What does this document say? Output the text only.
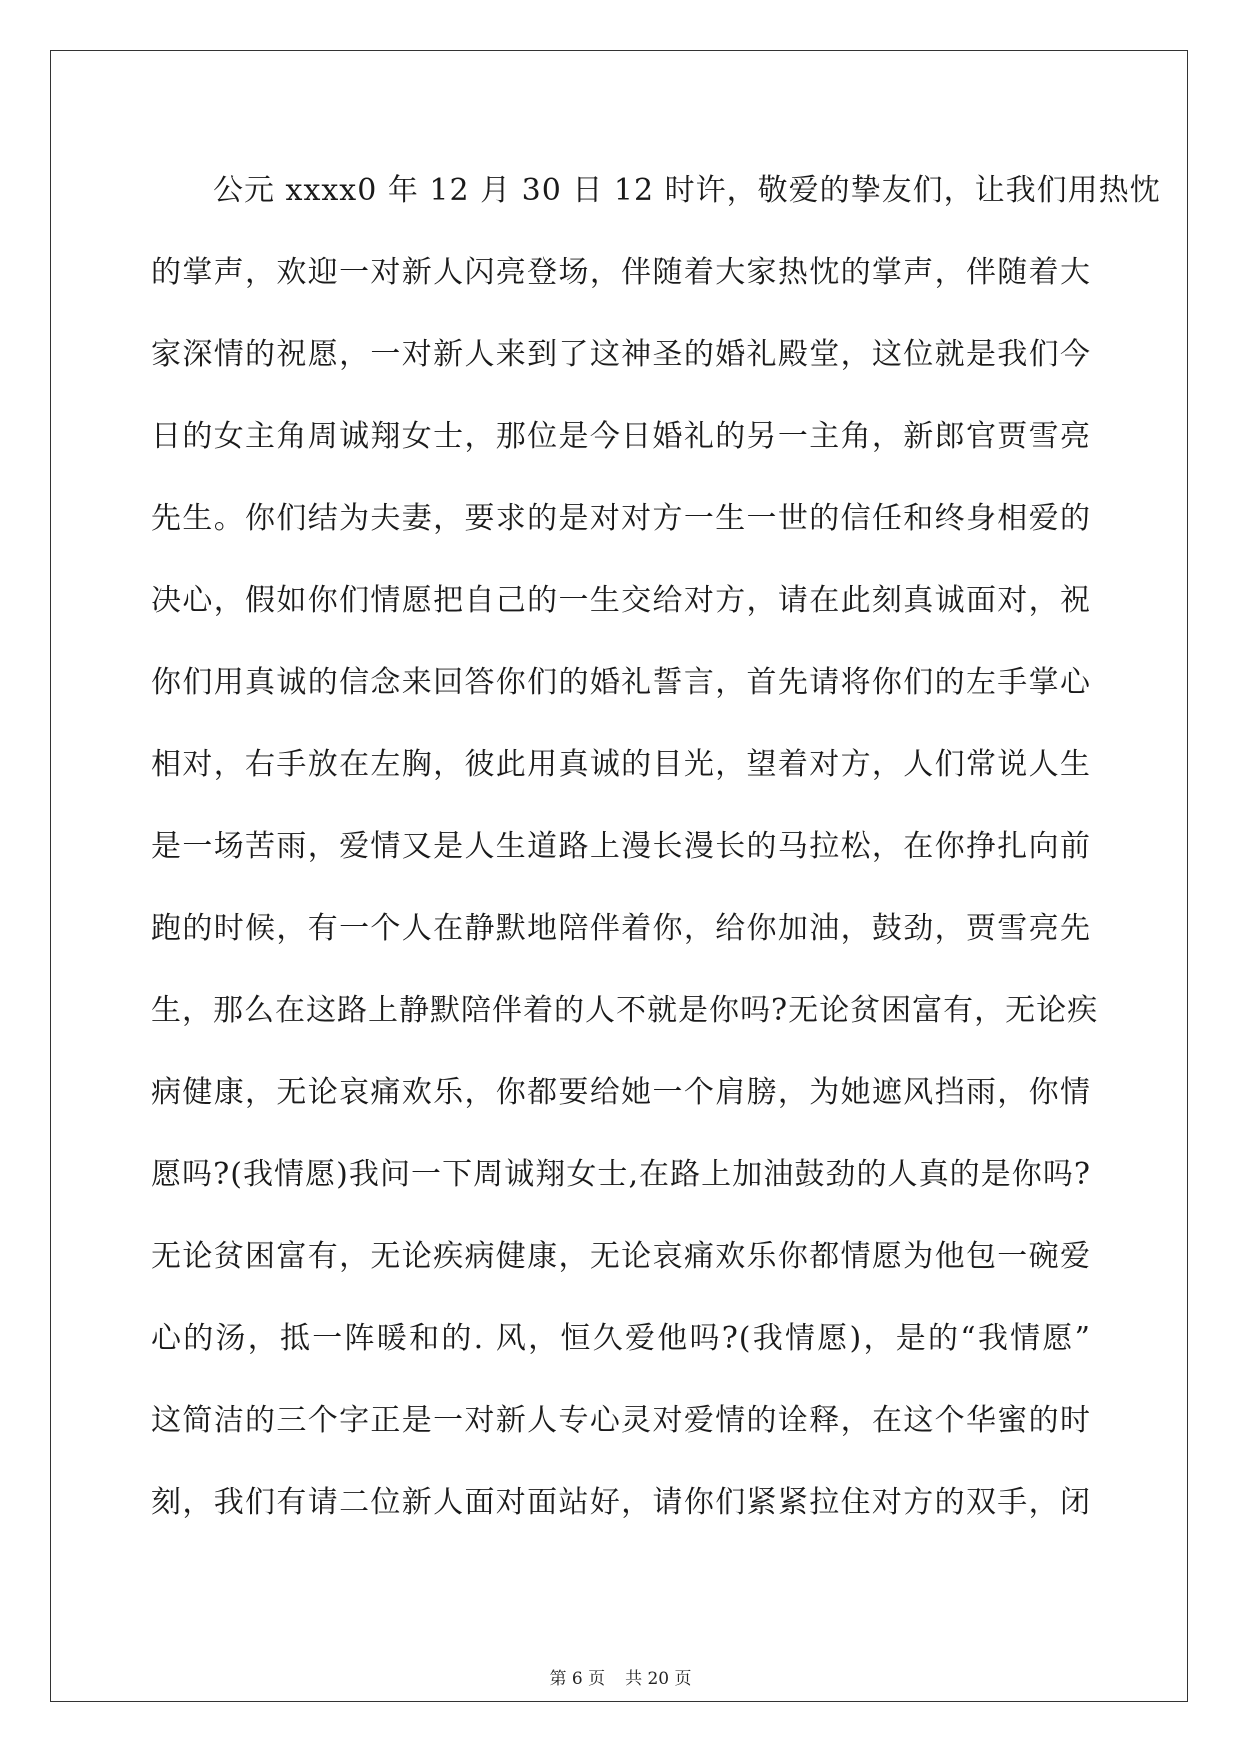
公元 xxxx0 年 12 月 30 日 12 时许，敬爱的挚友们，让我们用热忱
的掌声，欢迎一对新人闪亮登场，伴随着大家热忱的掌声，伴随着大
家深情的祝愿，一对新人来到了这神圣的婚礼殿堂，这位就是我们今
日的女主角周诚翔女士，那位是今日婚礼的另一主角，新郎官贾雪亮
先生。你们结为夫妻，要求的是对对方一生一世的信任和终身相爱的
决心，假如你们情愿把自己的一生交给对方，请在此刻真诚面对，祝
你们用真诚的信念来回答你们的婚礼誓言，首先请将你们的左手掌心
相对，右手放在左胸，彼此用真诚的目光，望着对方，人们常说人生
是一场苦雨，爱情又是人生道路上漫长漫长的马拉松，在你挣扎向前
跑的时候，有一个人在静默地陪伴着你，给你加油，鼓劲，贾雪亮先
生，那么在这路上静默陪伴着的人不就是你吗?无论贫困富有，无论疾
病健康，无论哀痛欢乐，你都要给她一个肩膀，为她遮风挡雨，你情
愿吗?(我情愿)我问一下周诚翔女士,在路上加油鼓劲的人真的是你吗?
无论贫困富有，无论疾病健康，无论哀痛欢乐你都情愿为他包一碗爱
心的汤，抵一阵暖和的. 风，恒久爱他吗?(我情愿)，是的“我情愿”
这简洁的三个字正是一对新人专心灵对爱情的诠释，在这个华蜜的时
刻，我们有请二位新人面对面站好，请你们紧紧拉住对方的双手，闭
第 6 页 共 20 页
